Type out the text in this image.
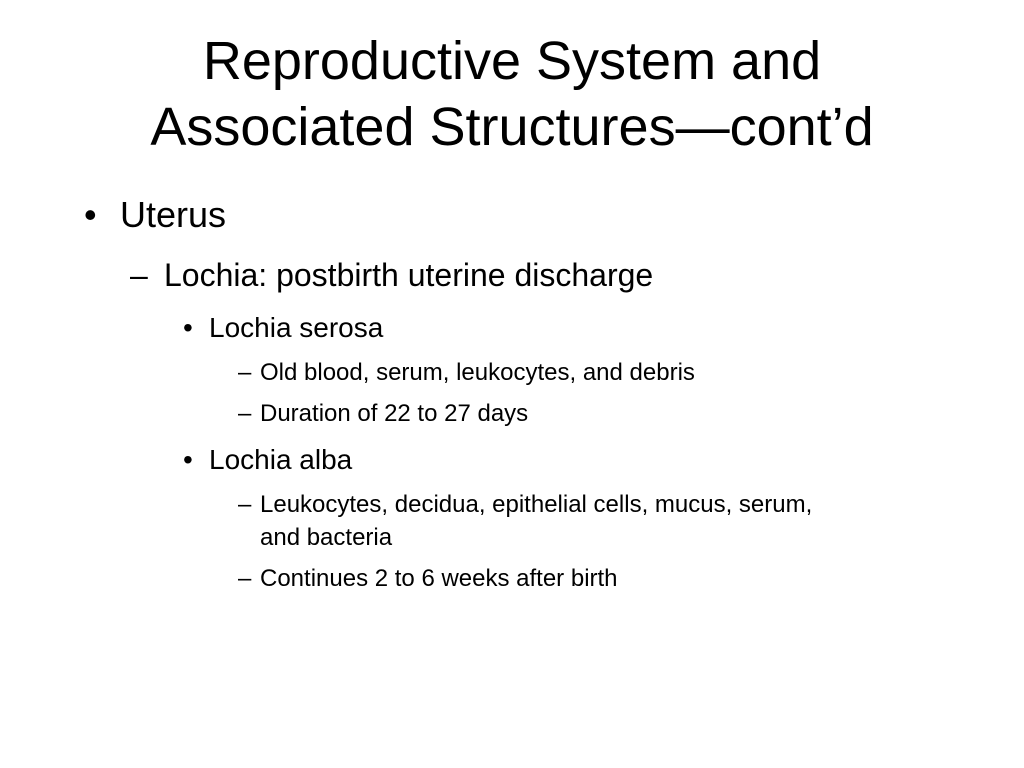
Reproductive System and
Associated Structures—cont’d
• Uterus
– Lochia: postbirth uterine discharge
• Lochia serosa
– Old blood, serum, leukocytes, and debris
– Duration of 22 to 27 days
• Lochia alba
– Leukocytes, decidua, epithelial cells, mucus, serum,
and bacteria
– Continues 2 to 6 weeks after birth
